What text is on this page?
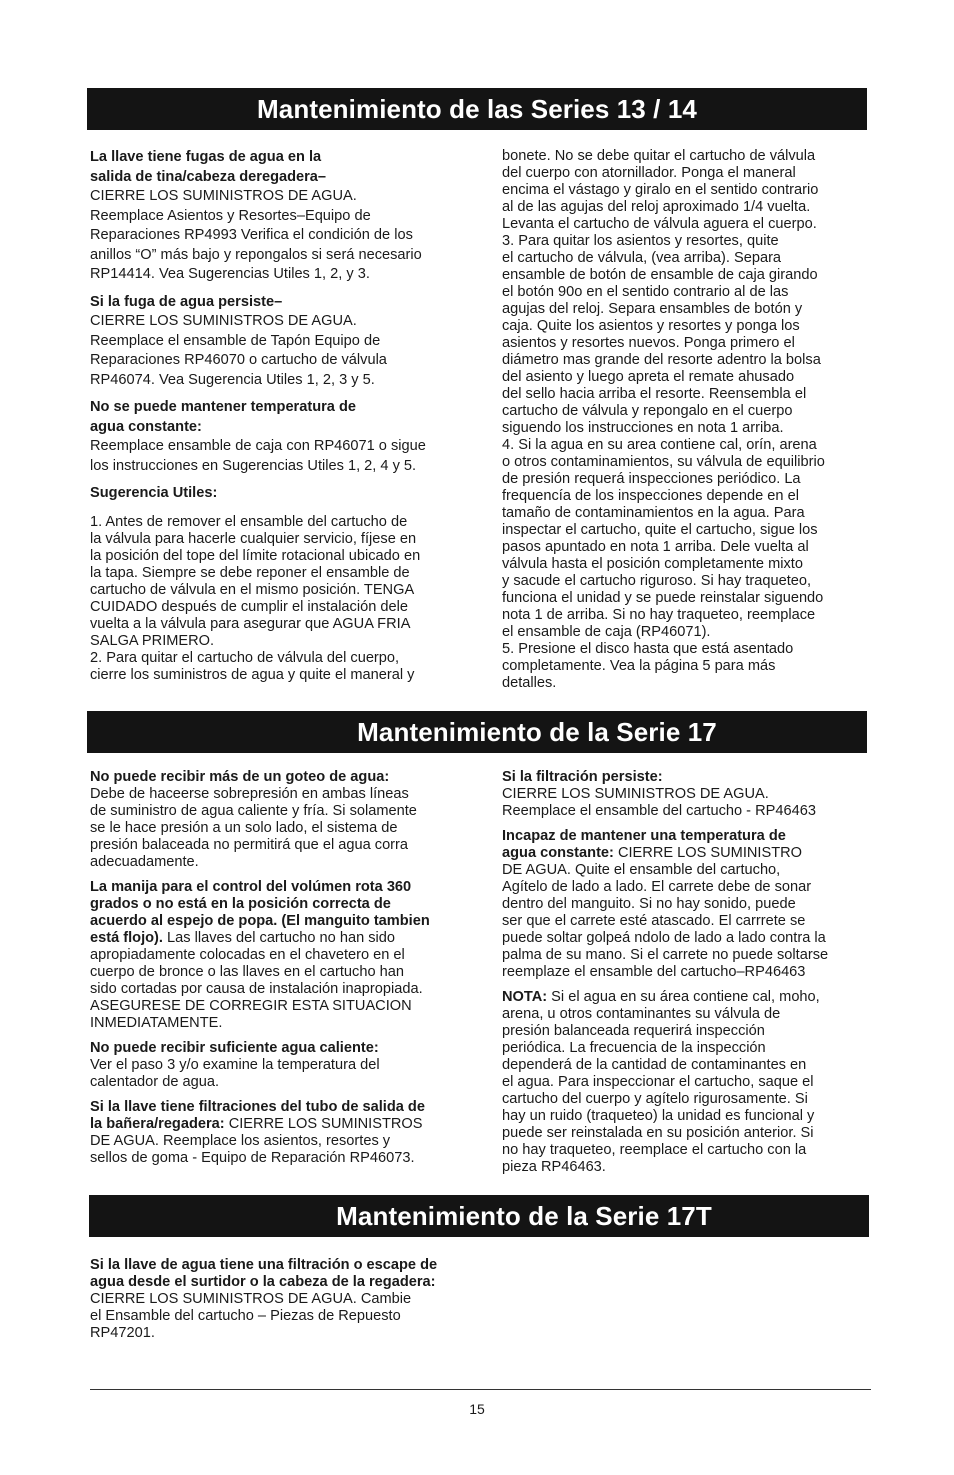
Mantenimiento de las Series 13 / 14

La llave tiene fugas de agua en la
salida de tina/cabeza deregadera–
CIERRE LOS SUMINISTROS DE AGUA.
Reemplace Asientos y Resortes–Equipo de
Reparaciones RP4993 Verifica el condición de los
anillos “O” más bajo y repongalos si será necesario
RP14414. Vea Sugerencias Utiles 1, 2, y 3.

Si la fuga de agua persiste–
CIERRE LOS SUMINISTROS DE AGUA.
Reemplace el ensamble de Tapón Equipo de
Reparaciones RP46070 o cartucho de válvula
RP46074. Vea Sugerencia Utiles 1, 2, 3 y 5.

No se puede mantener temperatura de
agua constante:
Reemplace ensamble de caja con RP46071 o sigue
los instrucciones en Sugerencias Utiles 1, 2, 4 y 5.

Sugerencia Utiles:

1. Antes de remover el ensamble del cartucho de
la válvula para hacerle cualquier servicio, fíjese en
la posición del tope del límite rotacional ubicado en
la tapa. Siempre se debe reponer el ensamble de
cartucho de válvula en el mismo posición. TENGA
CUIDADO después de cumplir el instalación dele
vuelta a la válvula para asegurar que AGUA FRIA
SALGA PRIMERO.
2. Para quitar el cartucho de válvula del cuerpo,
cierre los suministros de agua y quite el maneral y
bonete. No se debe quitar el cartucho de válvula
del cuerpo con atornillador. Ponga el maneral
encima el vástago y giralo en el sentido contrario
al de las agujas del reloj aproximado 1/4 vuelta.
Levanta el cartucho de válvula aguera el cuerpo.
3. Para quitar los asientos y resortes, quite
el cartucho de válvula, (vea arriba). Separa
ensamble de botón de ensamble de caja girando
el botón 90o en el sentido contrario al de las
agujas del reloj. Separa ensambles de botón y
caja. Quite los asientos y resortes y ponga los
asientos y resortes nuevos. Ponga primero el
diámetro mas grande del resorte adentro la bolsa
del asiento y luego apreta el remate ahusado
del sello hacia arriba el resorte. Reensembla el
cartucho de válvula y repongalo en el cuerpo
siguendo los instrucciones en nota 1 arriba.
4. Si la agua en su area contiene cal, orín, arena
o otros contaminamientos, su válvula de equilibrio
de presión requerá inspecciones periódico. La
frequencía de los inspecciones depende en el
tamaño de contaminamientos en la agua. Para
inspectar el cartucho, quite el cartucho, sigue los
pasos apuntado en nota 1 arriba. Dele vuelta al
válvula hasta el posición completamente mixto
y sacude el cartucho riguroso. Si hay traqueteo,
funciona el unidad y se puede reinstalar siguendo
nota 1 de arriba. Si no hay traqueteo, reemplace
el ensamble de caja (RP46071).
5. Presione el disco hasta que está asentado
completamente. Vea la página 5 para más
detalles.
Mantenimiento de la Serie 17

No puede recibir más de un goteo de agua:
Debe de haceerse sobrepresión en ambas líneas
de suministro de agua caliente y fría. Si solamente
se le hace presión a un solo lado, el sistema de
presión balaceada no permitirá que el agua corra
adecuadamente.

La manija para el control del volúmen rota 360
grados o no está en la posición correcta de
acuerdo al espejo de popa. (El manguito tambien
está flojo). Las llaves del cartucho no han sido
apropiadamente colocadas en el chavetero en el
cuerpo de bronce o las llaves en el cartucho han
sido cortadas por causa de instalación inapropiada.
ASEGURESE DE CORREGIR ESTA SITUACION
INMEDIATAMENTE.

No puede recibir suficiente agua caliente:
Ver el paso 3 y/o examine la temperatura del
calentador de agua.

Si la llave tiene filtraciones del tubo de salida de
la bañera/regadera: CIERRE LOS SUMINISTROS
DE AGUA. Reemplace los asientos, resortes y
sellos de goma - Equipo de Reparación RP46073.

Si la filtración persiste:
CIERRE LOS SUMINISTROS DE AGUA.
Reemplace el ensamble del cartucho - RP46463

Incapaz de mantener una temperatura de
agua constante: CIERRE LOS SUMINISTRO
DE AGUA. Quite el ensamble del cartucho,
Agítelo de lado a lado. El carrete debe de sonar
dentro del manguito. Si no hay sonido, puede
ser que el carrete esté atascado. El carrrete se
puede soltar golpeá ndolo de lado a lado contra la
palma de su mano. Si el carrete no puede soltarse
reemplaze el ensamble del cartucho–RP46463

NOTA: Si el agua en su área contiene cal, moho,
arena, u otros contaminantes su válvula de
presión balanceada requerirá inspección
periódica. La frecuencia de la inspección
dependerá de la cantidad de contaminantes en
el agua. Para inspeccionar el cartucho, saque el
cartucho del cuerpo y agítelo rigurosamente. Si
hay un ruido (traqueteo) la unidad es funcional y
puede ser reinstalada en su posición anterior. Si
no hay traqueteo, reemplace el cartucho con la
pieza RP46463.

Mantenimiento de la Serie 17T

Si la llave de agua tiene una filtración o escape de
agua desde el surtidor o la cabeza de la regadera:
CIERRE LOS SUMINISTROS DE AGUA. Cambie
el Ensamble del cartucho – Piezas de Repuesto
RP47201.

15
